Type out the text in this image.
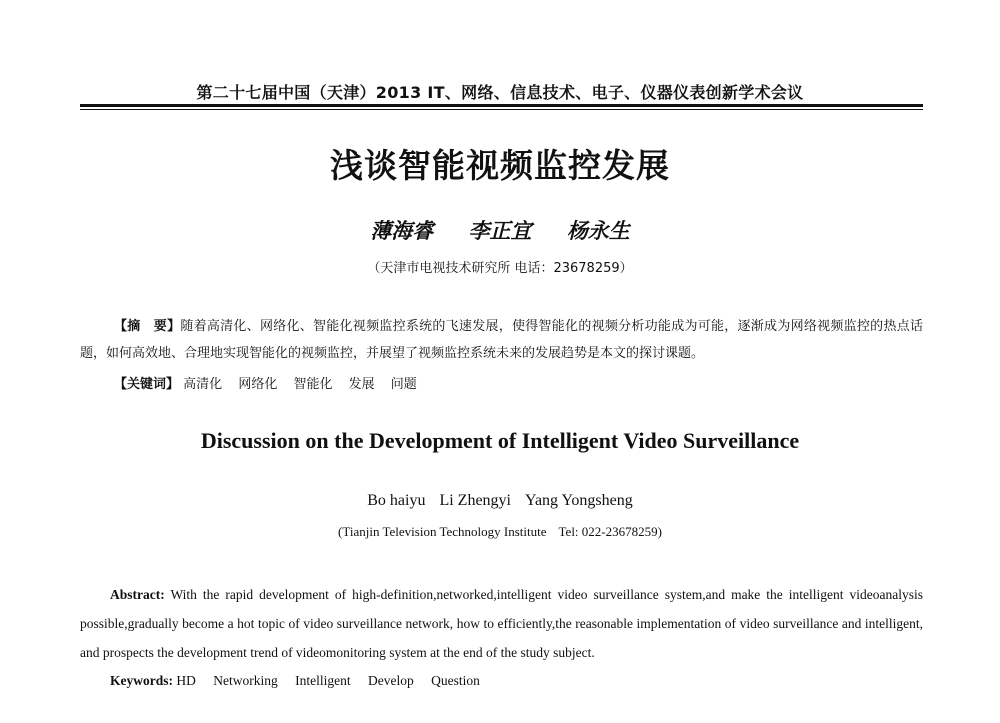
第二十七届中国（天津）2013 IT、网络、信息技术、电子、仪器仪表创新学术会议
浅谈智能视频监控发展
薄海睿 李正宜 杨永生
（天津市电视技术研究所 电话：23678259）
【摘　要】随着高清化、网络化、智能化视频监控系统的飞速发展，使得智能化的视频分析功能成为可能，逐渐成为网络视频监控的热点话题，如何高效地、合理地实现智能化的视频监控，并展望了视频监控系统未来的发展趋势是本文的探讨课题。
【关键词】 高清化 网络化 智能化 发展 问题
Discussion on the Development of Intelligent Video Surveillance
Bo haiyu Li Zhengyi Yang Yongsheng
(Tianjin Television Technology Institute Tel: 022-23678259)
Abstract: With the rapid development of high-definition,networked,intelligent video surveillance system,and make the intelligent videoanalysis possible,gradually become a hot topic of video surveillance network, how to efficiently,the reasonable implementation of video surveillance and intelligent, and prospects the development trend of videomonitoring system at the end of the study subject.
Keywords: HD Networking Intelligent Develop Question
